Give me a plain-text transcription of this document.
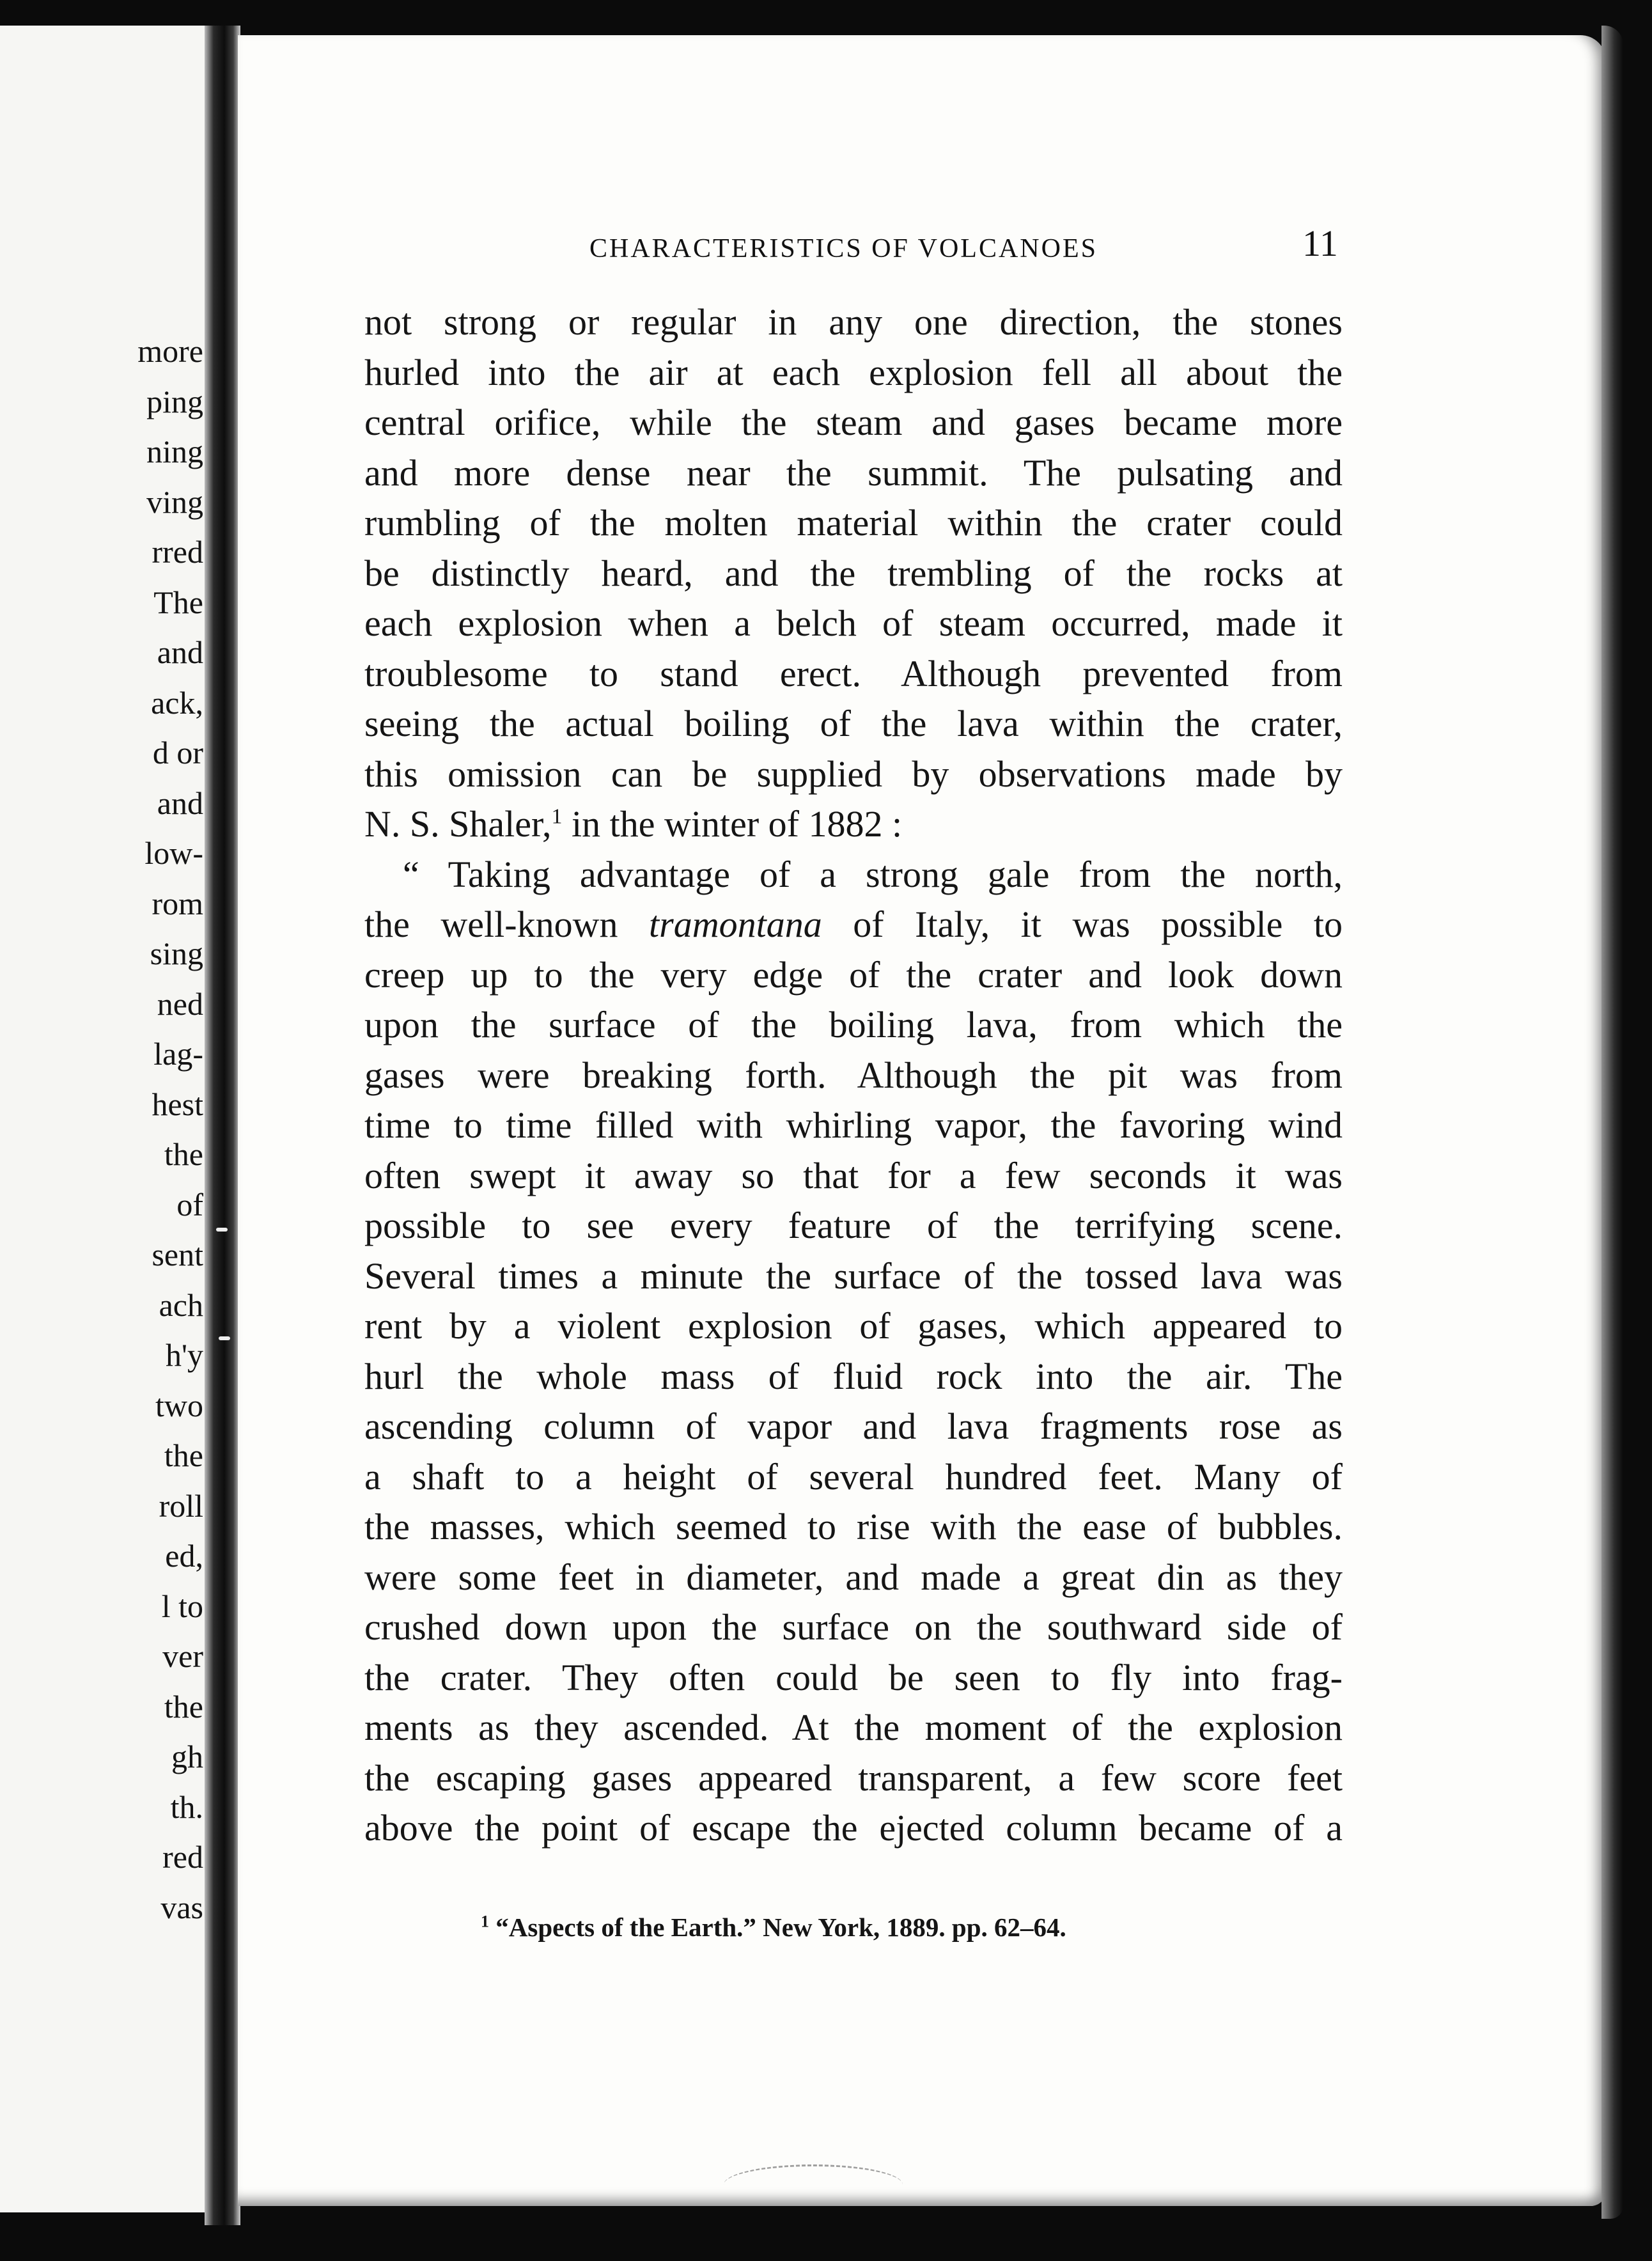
more
ping
ning
ving
rred
The
and
ack,
d or
and
low-
rom
sing
ned
lag-
hest
the
of
sent
ach
h'y
two
the
roll
ed,
l to
ver
the
gh
th.
red
vas
CHARACTERISTICS OF VOLCANOES	11
not strong or regular in any one direction, the stones
hurled into the air at each explosion fell all about the
central orifice, while the steam and gases became more
and more dense near the summit. The pulsating and
rumbling of the molten material within the crater could
be distinctly heard, and the trembling of the rocks at
each explosion when a belch of steam occurred, made it
troublesome to stand erect. Although prevented from
seeing the actual boiling of the lava within the crater,
this omission can be supplied by observations made by
N. S. Shaler,$^1$ in the winter of 1882 :
“ Taking advantage of a strong gale from the north,
the well-known tramontana of Italy, it was possible to
creep up to the very edge of the crater and look down
upon the surface of the boiling lava, from which the
gases were breaking forth. Although the pit was from
time to time filled with whirling vapor, the favoring wind
often swept it away so that for a few seconds it was
possible to see every feature of the terrifying scene.
Several times a minute the surface of the tossed lava was
rent by a violent explosion of gases, which appeared to
hurl the whole mass of fluid rock into the air. The
ascending column of vapor and lava fragments rose as
a shaft to a height of several hundred feet. Many of
the masses, which seemed to rise with the ease of bubbles.
were some feet in diameter, and made a great din as they
crushed down upon the surface on the southward side of
the crater. They often could be seen to fly into frag-
ments as they ascended. At the moment of the explosion
the escaping gases appeared transparent, a few score feet
above the point of escape the ejected column became of a
$^1$ “Aspects of the Earth.” New York, 1889. pp. 62–64.
